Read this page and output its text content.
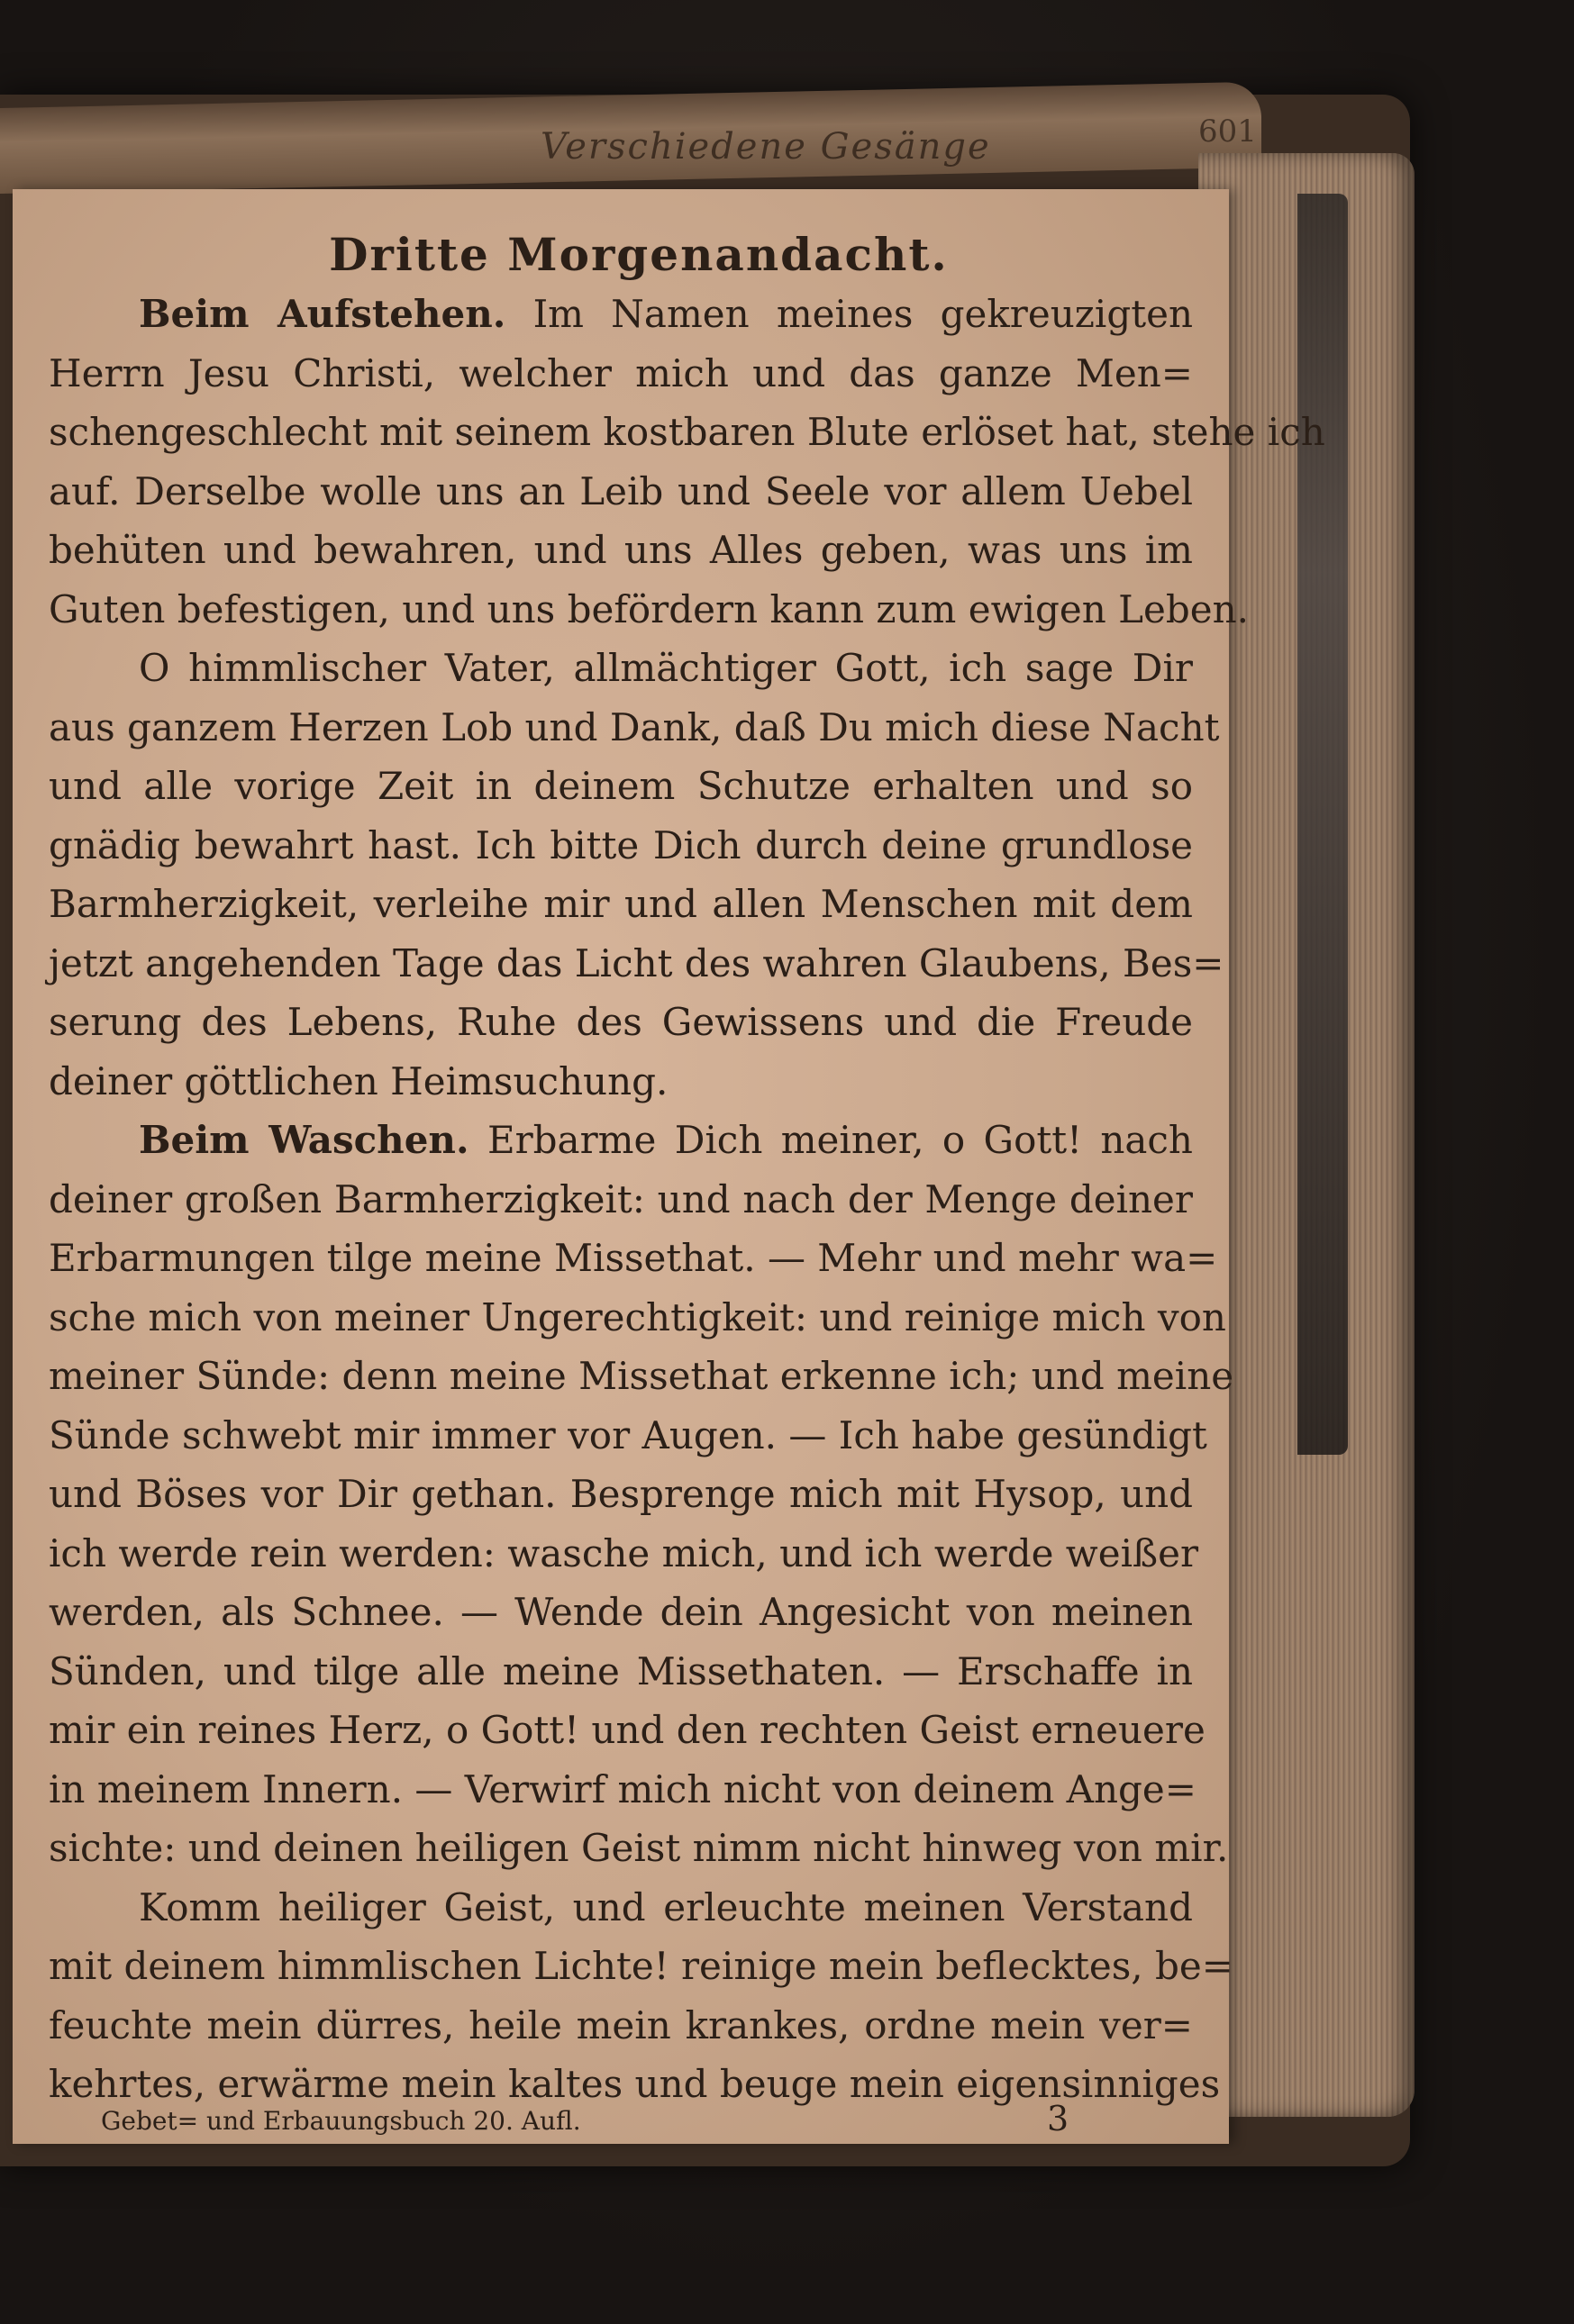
Verschiedene Gesänge	601
Dritte Morgenandacht.
Beim Aufstehen. Im Namen meines gekreuzigten
Herrn Jesu Christi, welcher mich und das ganze Men=
schengeschlecht mit seinem kostbaren Blute erlöset hat, stehe ich
auf. Derselbe wolle uns an Leib und Seele vor allem Uebel
behüten und bewahren, und uns Alles geben, was uns im
Guten befestigen, und uns befördern kann zum ewigen Leben.
O himmlischer Vater, allmächtiger Gott, ich sage Dir
aus ganzem Herzen Lob und Dank, daß Du mich diese Nacht
und alle vorige Zeit in deinem Schutze erhalten und so
gnädig bewahrt hast. Ich bitte Dich durch deine grundlose
Barmherzigkeit, verleihe mir und allen Menschen mit dem
jetzt angehenden Tage das Licht des wahren Glaubens, Bes=
serung des Lebens, Ruhe des Gewissens und die Freude
deiner göttlichen Heimsuchung.
Beim Waschen. Erbarme Dich meiner, o Gott! nach
deiner großen Barmherzigkeit: und nach der Menge deiner
Erbarmungen tilge meine Missethat. — Mehr und mehr wa=
sche mich von meiner Ungerechtigkeit: und reinige mich von
meiner Sünde: denn meine Missethat erkenne ich; und meine
Sünde schwebt mir immer vor Augen. — Ich habe gesündigt
und Böses vor Dir gethan. Besprenge mich mit Hysop, und
ich werde rein werden: wasche mich, und ich werde weißer
werden, als Schnee. — Wende dein Angesicht von meinen
Sünden, und tilge alle meine Missethaten. — Erschaffe in
mir ein reines Herz, o Gott! und den rechten Geist erneuere
in meinem Innern. — Verwirf mich nicht von deinem Ange=
sichte: und deinen heiligen Geist nimm nicht hinweg von mir.
Komm heiliger Geist, und erleuchte meinen Verstand
mit deinem himmlischen Lichte! reinige mein beflecktes, be=
feuchte mein dürres, heile mein krankes, ordne mein ver=
kehrtes, erwärme mein kaltes und beuge mein eigensinniges
Gebet= und Erbauungsbuch 20. Aufl.	3
